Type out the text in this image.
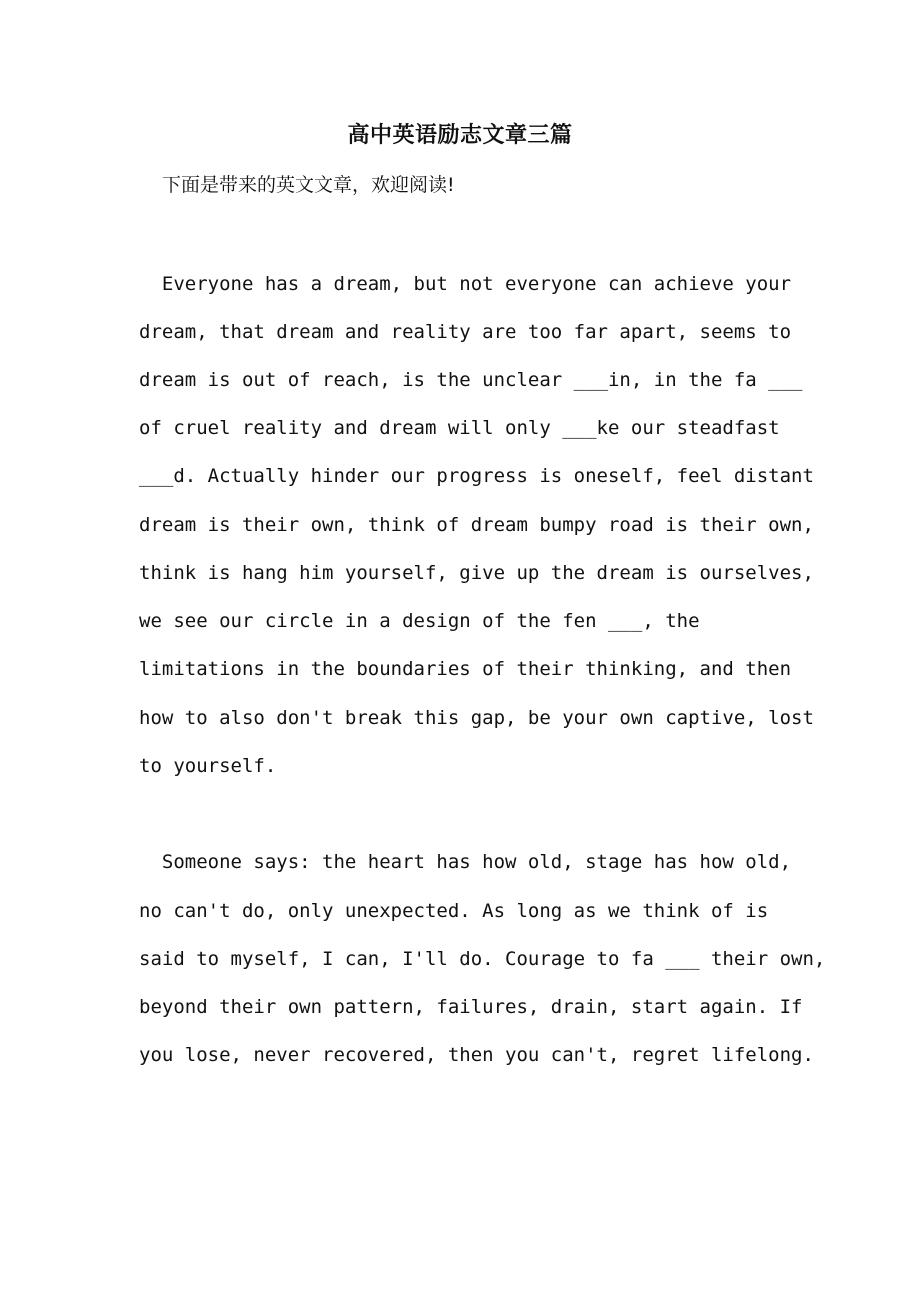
高中英语励志文章三篇
下面是带来的英文文章，欢迎阅读!
Everyone has a dream, but not everyone can achieve your
dream, that dream and reality are too far apart, seems to
dream is out of reach, is the unclear ___in, in the fa ___
of cruel reality and dream will only ___ke our steadfast
___d. Actually hinder our progress is oneself, feel distant
dream is their own, think of dream bumpy road is their own,
think is hang him yourself, give up the dream is ourselves,
we see our circle in a design of the fen ___, the
limitations in the boundaries of their thinking, and then
how to also don't break this gap, be your own captive, lost
to yourself.
Someone says: the heart has how old, stage has how old,
no can't do, only unexpected. As long as we think of is
said to myself, I can, I'll do. Courage to fa ___ their own,
beyond their own pattern, failures, drain, start again. If
you lose, never recovered, then you can't, regret lifelong.
